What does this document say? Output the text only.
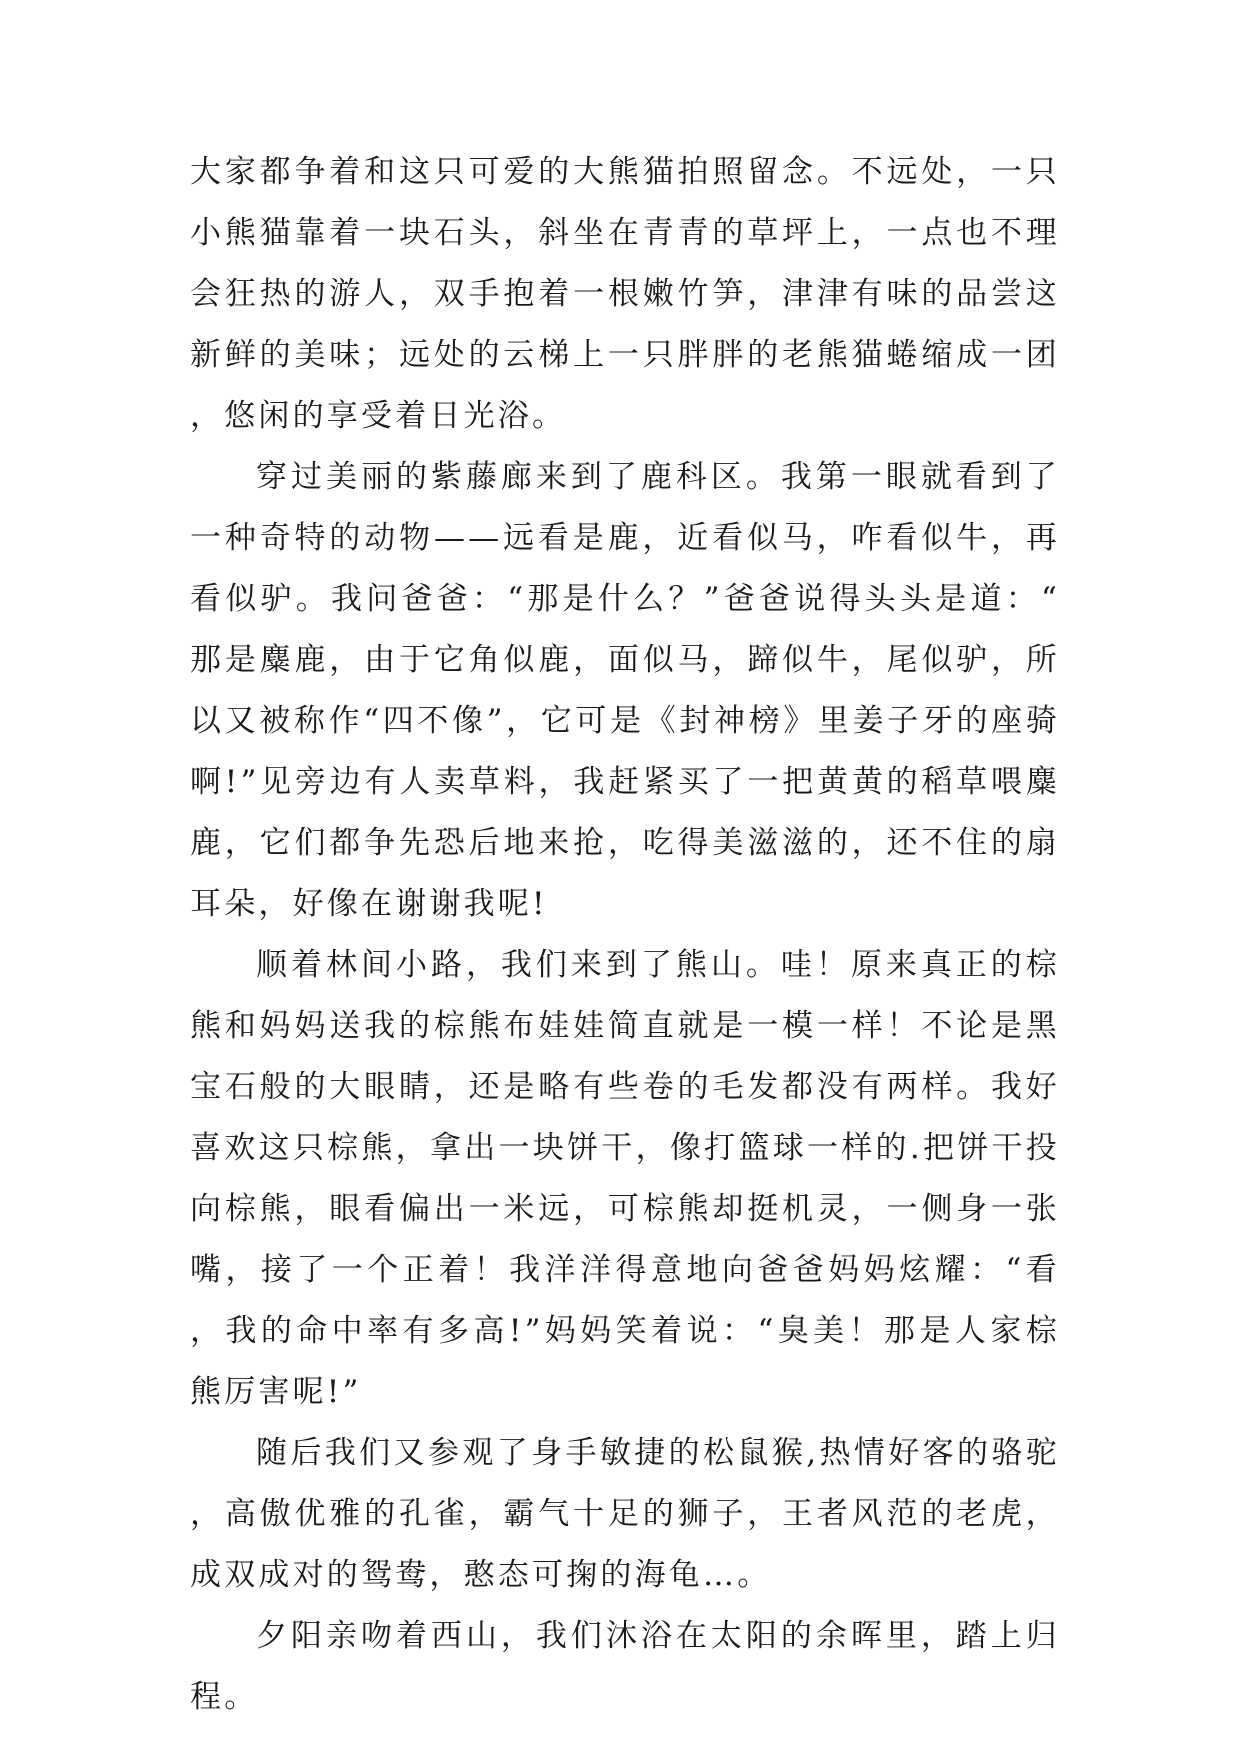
大家都争着和这只可爱的大熊猫拍照留念。不远处，一只小熊猫靠着一块石头，斜坐在青青的草坪上，一点也不理会狂热的游人，双手抱着一根嫩竹笋，津津有味的品尝这新鲜的美味；远处的云梯上一只胖胖的老熊猫蜷缩成一团，悠闲的享受着日光浴。

穿过美丽的紫藤廊来到了鹿科区。我第一眼就看到了一种奇特的动物——远看是鹿，近看似马，咋看似牛，再看似驴。我问爸爸：“那是什么？”爸爸说得头头是道：“那是麋鹿，由于它角似鹿，面似马，蹄似牛，尾似驴，所以又被称作“四不像”，它可是《封神榜》里姜子牙的座骑啊!”见旁边有人卖草料，我赶紧买了一把黄黄的稻草喂麋鹿，它们都争先恐后地来抢，吃得美滋滋的，还不住的扇耳朵，好像在谢谢我呢!

顺着林间小路，我们来到了熊山。哇！原来真正的棕熊和妈妈送我的棕熊布娃娃简直就是一模一样！不论是黑宝石般的大眼睛，还是略有些卷的毛发都没有两样。我好喜欢这只棕熊，拿出一块饼干，像打篮球一样的.把饼干投向棕熊，眼看偏出一米远，可棕熊却挺机灵，一侧身一张嘴，接了一个正着！我洋洋得意地向爸爸妈妈炫耀：“看，我的命中率有多高!”妈妈笑着说：“臭美！那是人家棕熊厉害呢!”

随后我们又参观了身手敏捷的松鼠猴,热情好客的骆驼，高傲优雅的孔雀，霸气十足的狮子，王者风范的老虎，成双成对的鸳鸯，憨态可掬的海龟…。

夕阳亲吻着西山，我们沐浴在太阳的余晖里，踏上归程。
